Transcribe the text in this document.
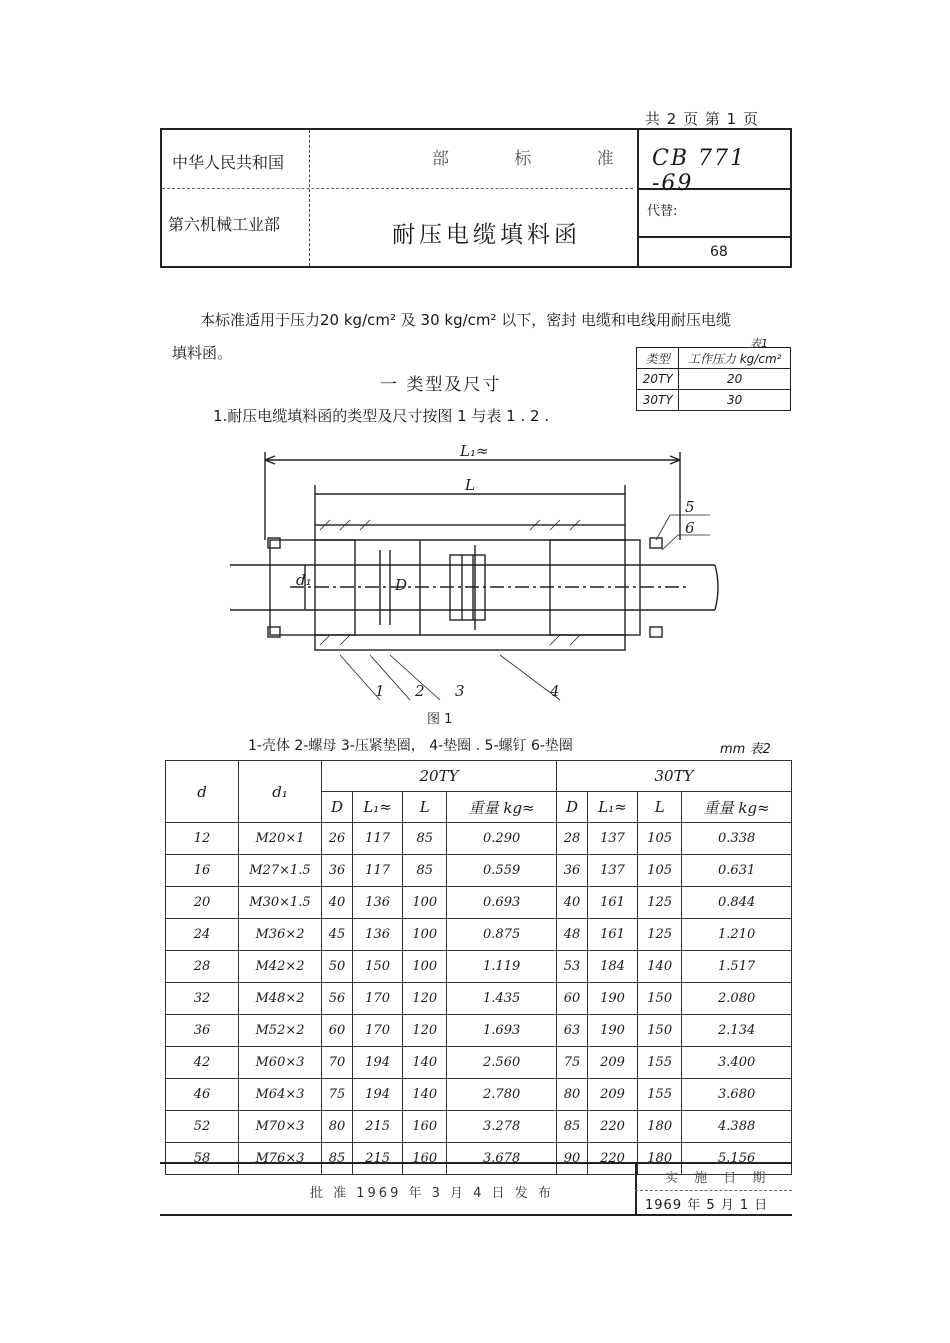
共 2 页 第 1 页
中华人民共和国
第六机械工业部
部 标 准
耐压电缆填料函
CB 771 -69
代替:
68
本标准适用于压力20 kg/cm² 及 30 kg/cm² 以下，密封 电缆和电线用耐压电缆
填料函。
一 类型及尺寸
1.耐压电缆填料函的类型及尺寸按图 1 与表 1 . 2 .
表1
类型	工作压力 kg/cm²
20TY	20
30TY	30
L₁≈
L
d₁	D
5
6
1 2 3	4
图 1
1-壳体 2-螺母 3-压紧垫圈， 4-垫圈 . 5-螺钉 6-垫圈	mm 表2
d	d₁	20TY				30TY			
		D	L₁≈	L	重量 kg≈	D	L₁≈	L	重量 kg≈
12	M20×1	26	117	85	0.290	28	137	105	0.338
16	M27×1.5	36	117	85	0.559	36	137	105	0.631
20	M30×1.5	40	136	100	0.693	40	161	125	0.844
24	M36×2	45	136	100	0.875	48	161	125	1.210
28	M42×2	50	150	100	1.119	53	184	140	1.517
32	M48×2	56	170	120	1.435	60	190	150	2.080
36	M52×2	60	170	120	1.693	63	190	150	2.134
42	M60×3	70	194	140	2.560	75	209	155	3.400
46	M64×3	75	194	140	2.780	80	209	155	3.680
52	M70×3	80	215	160	3.278	85	220	180	4.388
58	M76×3	85	215	160	3.678	90	220	180	5.156
批 准 1969 年 3 月 4 日 发 布
实 施 日 期
1969 年 5 月 1 日
